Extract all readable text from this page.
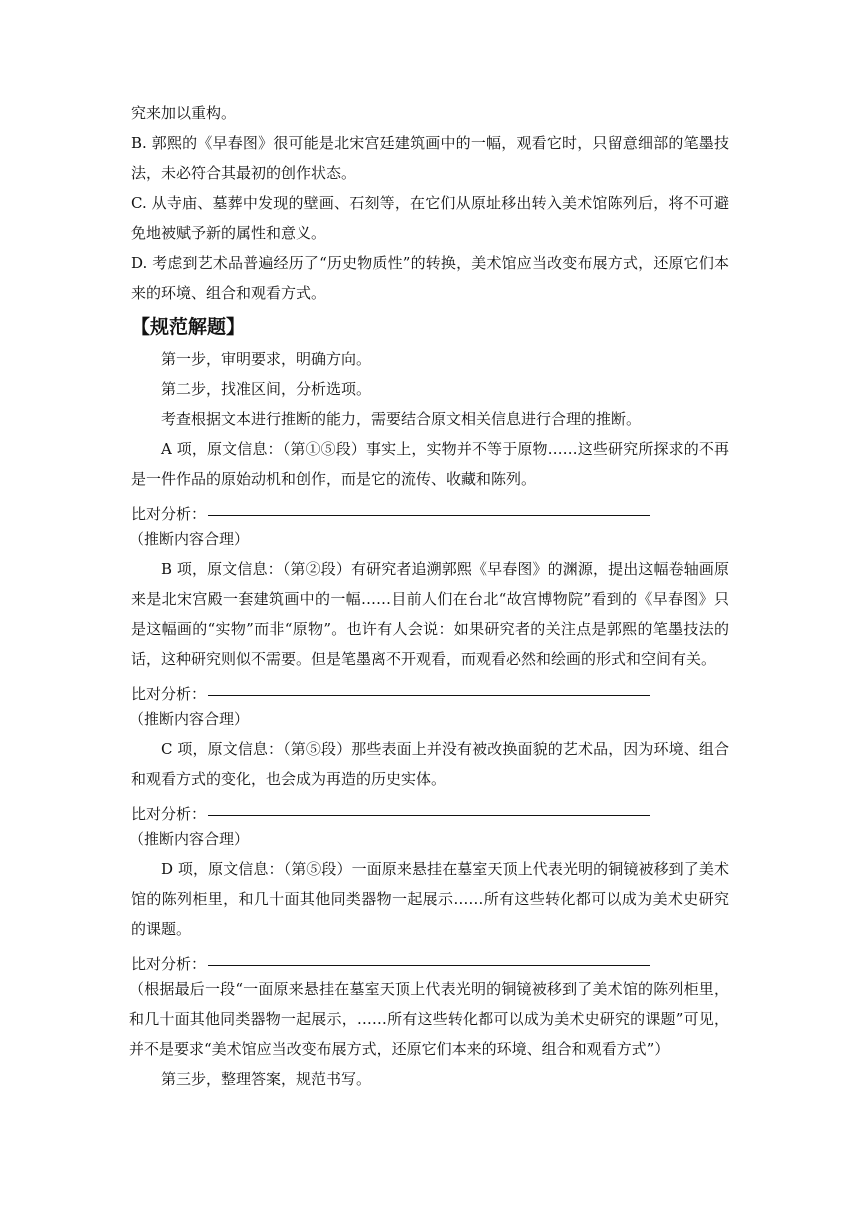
究来加以重构。

B. 郭熙的《早春图》很可能是北宋宫廷建筑画中的一幅，观看它时，只留意细部的笔墨技法，未必符合其最初的创作状态。

C. 从寺庙、墓葬中发现的壁画、石刻等，在它们从原址移出转入美术馆陈列后，将不可避免地被赋予新的属性和意义。

D. 考虑到艺术品普遍经历了“历史物质性”的转换，美术馆应当改变布展方式，还原它们本来的环境、组合和观看方式。

【规范解题】

第一步，审明要求，明确方向。

第二步，找准区间，分析选项。

考查根据文本进行推断的能力，需要结合原文相关信息进行合理的推断。

A 项，原文信息：（第①⑤段）事实上，实物并不等于原物……这些研究所探求的不再是一件作品的原始动机和创作，而是它的流传、收藏和陈列。

比对分析：

（推断内容合理）

B 项，原文信息：（第②段）有研究者追溯郭熙《早春图》的渊源，提出这幅卷轴画原来是北宋宫殿一套建筑画中的一幅……目前人们在台北“故宫博物院”看到的《早春图》只是这幅画的“实物”而非“原物”。也许有人会说：如果研究者的关注点是郭熙的笔墨技法的话，这种研究则似不需要。但是笔墨离不开观看，而观看必然和绘画的形式和空间有关。

比对分析：

（推断内容合理）

C 项，原文信息：（第⑤段）那些表面上并没有被改换面貌的艺术品，因为环境、组合和观看方式的变化，也会成为再造的历史实体。

比对分析：

（推断内容合理）

D 项，原文信息：（第⑤段）一面原来悬挂在墓室天顶上代表光明的铜镜被移到了美术馆的陈列柜里，和几十面其他同类器物一起展示……所有这些转化都可以成为美术史研究的课题。

比对分析：

（根据最后一段“一面原来悬挂在墓室天顶上代表光明的铜镜被移到了美术馆的陈列柜里，和几十面其他同类器物一起展示，……所有这些转化都可以成为美术史研究的课题”可见，并不是要求“美术馆应当改变布展方式，还原它们本来的环境、组合和观看方式”）

第三步，整理答案，规范书写。
